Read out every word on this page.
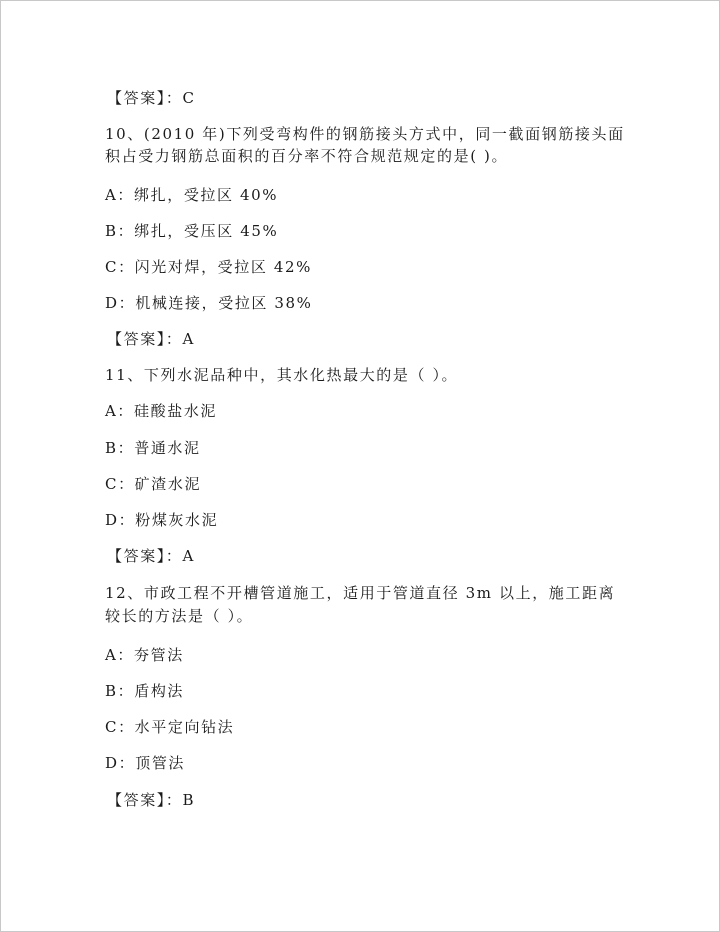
【答案】：C
10、(2010 年)下列受弯构件的钢筋接头方式中，同一截面钢筋接头面
积占受力钢筋总面积的百分率不符合规范规定的是( )。
A：绑扎，受拉区 40%
B：绑扎，受压区 45%
C：闪光对焊，受拉区 42%
D：机械连接，受拉区 38%
【答案】：A
11、下列水泥品种中，其水化热最大的是（ ）。
A：硅酸盐水泥
B：普通水泥
C：矿渣水泥
D：粉煤灰水泥
【答案】：A
12、市政工程不开槽管道施工，适用于管道直径 3m 以上，施工距离
较长的方法是（ ）。
A：夯管法
B：盾构法
C：水平定向钻法
D：顶管法
【答案】：B
